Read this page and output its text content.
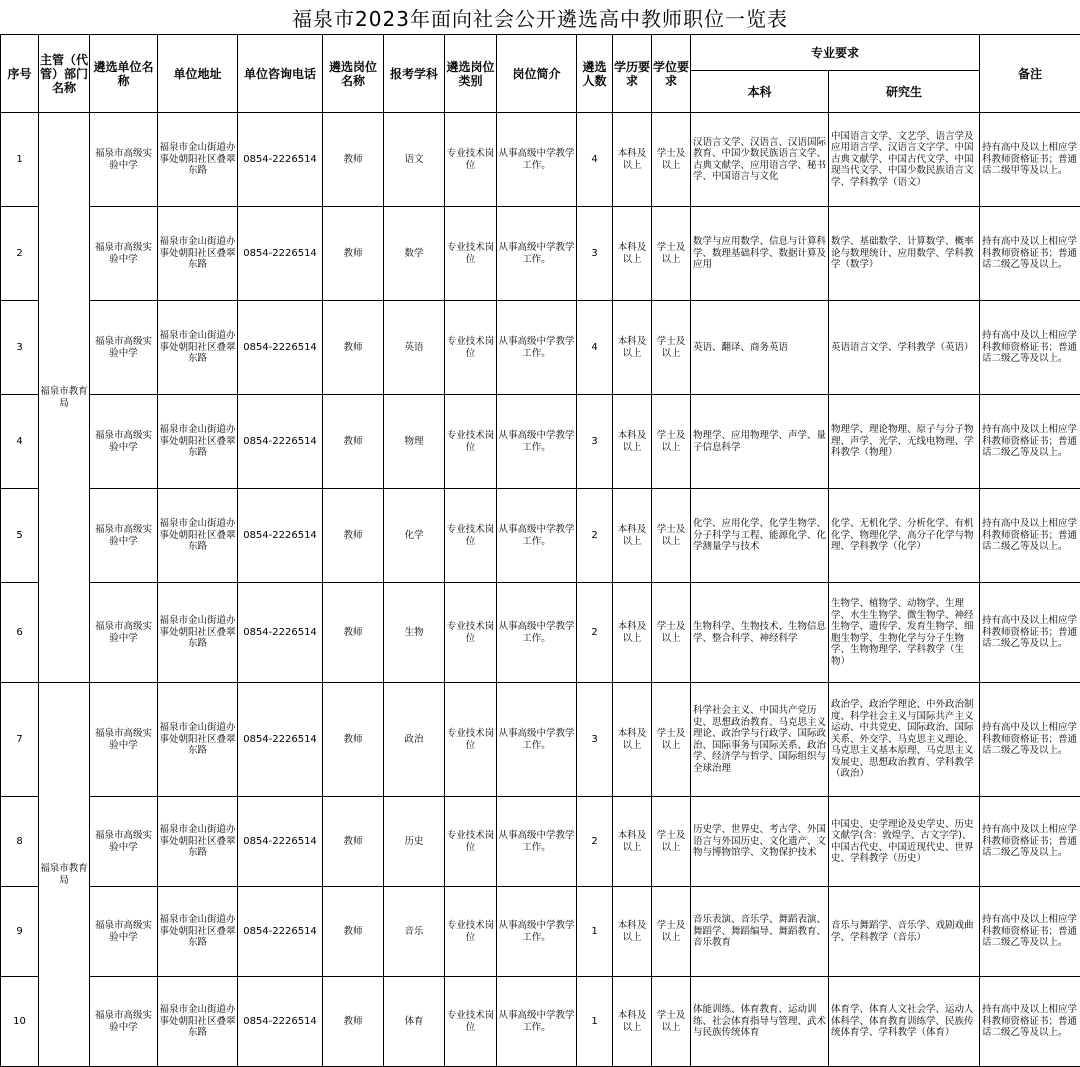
福泉市2023年面向社会公开遴选高中教师职位一览表
序号	主管（代管）部门名称	遴选单位名称	单位地址	单位咨询电话	遴选岗位名称	报考学科	遴选岗位类别	岗位简介	遴选人数	学历要求	学位要求	专业要求		备注
												本科	研究生	
1	福泉市教育局	福泉市高级实验中学	福泉市金山街道办事处朝阳社区叠翠东路	0854-2226514	教师	语文	专业技术岗位	从事高级中学教学工作。	4	本科及以上	学士及以上	汉语言文学、汉语言、汉语国际教育、中国少数民族语言文学、古典文献学、应用语言学、秘书学、中国语言与文化	中国语言文学、文艺学、语言学及应用语言学、汉语言文字学、中国古典文献学、中国古代文学、中国现当代文学、中国少数民族语言文学、学科教学（语文）	持有高中及以上相应学科教师资格证书；普通话二级甲等及以上。
2		福泉市高级实验中学	福泉市金山街道办事处朝阳社区叠翠东路	0854-2226514	教师	数学	专业技术岗位	从事高级中学教学工作。	3	本科及以上	学士及以上	数学与应用数学、信息与计算科学、数理基础科学、数据计算及应用	数学、基础数学、计算数学、概率论与数理统计、应用数学、学科教学（数学）	持有高中及以上相应学科教师资格证书；普通话二级乙等及以上。
3		福泉市高级实验中学	福泉市金山街道办事处朝阳社区叠翠东路	0854-2226514	教师	英语	专业技术岗位	从事高级中学教学工作。	4	本科及以上	学士及以上	英语、翻译、商务英语	英语语言文学、学科教学（英语）	持有高中及以上相应学科教师资格证书；普通话二级乙等及以上。
4		福泉市高级实验中学	福泉市金山街道办事处朝阳社区叠翠东路	0854-2226514	教师	物理	专业技术岗位	从事高级中学教学工作。	3	本科及以上	学士及以上	物理学、应用物理学、声学、量子信息科学	物理学、理论物理、原子与分子物理、声学、光学、无线电物理、学科教学（物理）	持有高中及以上相应学科教师资格证书；普通话二级乙等及以上。
5		福泉市高级实验中学	福泉市金山街道办事处朝阳社区叠翠东路	0854-2226514	教师	化学	专业技术岗位	从事高级中学教学工作。	2	本科及以上	学士及以上	化学、应用化学、化学生物学、分子科学与工程、能源化学、化学测量学与技术	化学、无机化学、分析化学、有机化学、物理化学、高分子化学与物理、学科教学（化学）	持有高中及以上相应学科教师资格证书；普通话二级乙等及以上。
6		福泉市高级实验中学	福泉市金山街道办事处朝阳社区叠翠东路	0854-2226514	教师	生物	专业技术岗位	从事高级中学教学工作。	2	本科及以上	学士及以上	生物科学、生物技术、生物信息学、整合科学、神经科学	生物学、植物学、动物学、生理学、水生生物学、微生物学、神经生物学、遗传学、发育生物学、细胞生物学、生物化学与分子生物学、生物物理学、学科教学（生物）	持有高中及以上相应学科教师资格证书；普通话二级乙等及以上。
7	福泉市教育局	福泉市高级实验中学	福泉市金山街道办事处朝阳社区叠翠东路	0854-2226514	教师	政治	专业技术岗位	从事高级中学教学工作。	3	本科及以上	学士及以上	科学社会主义、中国共产党历史、思想政治教育、马克思主义理论、政治学与行政学、国际政治、国际事务与国际关系、政治学、经济学与哲学、国际组织与全球治理	政治学、政治学理论、中外政治制度、科学社会主义与国际共产主义运动、中共党史、国际政治、国际关系、外交学、马克思主义理论、马克思主义基本原理、马克思主义发展史、思想政治教育、学科教学（政治）	持有高中及以上相应学科教师资格证书；普通话二级乙等及以上。
8		福泉市高级实验中学	福泉市金山街道办事处朝阳社区叠翠东路	0854-2226514	教师	历史	专业技术岗位	从事高级中学教学工作。	2	本科及以上	学士及以上	历史学、世界史、考古学、外国语言与外国历史、文化遗产、文物与博物馆学、文物保护技术	中国史、史学理论及史学史、历史文献学(含：敦煌学、古文字学)、中国古代史、中国近现代史、世界史、学科教学（历史）	持有高中及以上相应学科教师资格证书；普通话二级乙等及以上。
9		福泉市高级实验中学	福泉市金山街道办事处朝阳社区叠翠东路	0854-2226514	教师	音乐	专业技术岗位	从事高级中学教学工作。	1	本科及以上	学士及以上	音乐表演、音乐学、舞蹈表演、舞蹈学、舞蹈编导、舞蹈教育、音乐教育	音乐与舞蹈学、音乐学、戏剧戏曲学、学科教学（音乐）	持有高中及以上相应学科教师资格证书；普通话二级乙等及以上。
10		福泉市高级实验中学	福泉市金山街道办事处朝阳社区叠翠东路	0854-2226514	教师	体育	专业技术岗位	从事高级中学教学工作。	1	本科及以上	学士及以上	体能训练、体育教育、运动训练、社会体育指导与管理、武术与民族传统体育	体育学、体育人文社会学、运动人体科学、体育教育训练学、民族传统体育学、学科教学（体育）	持有高中及以上相应学科教师资格证书；普通话二级乙等及以上。
